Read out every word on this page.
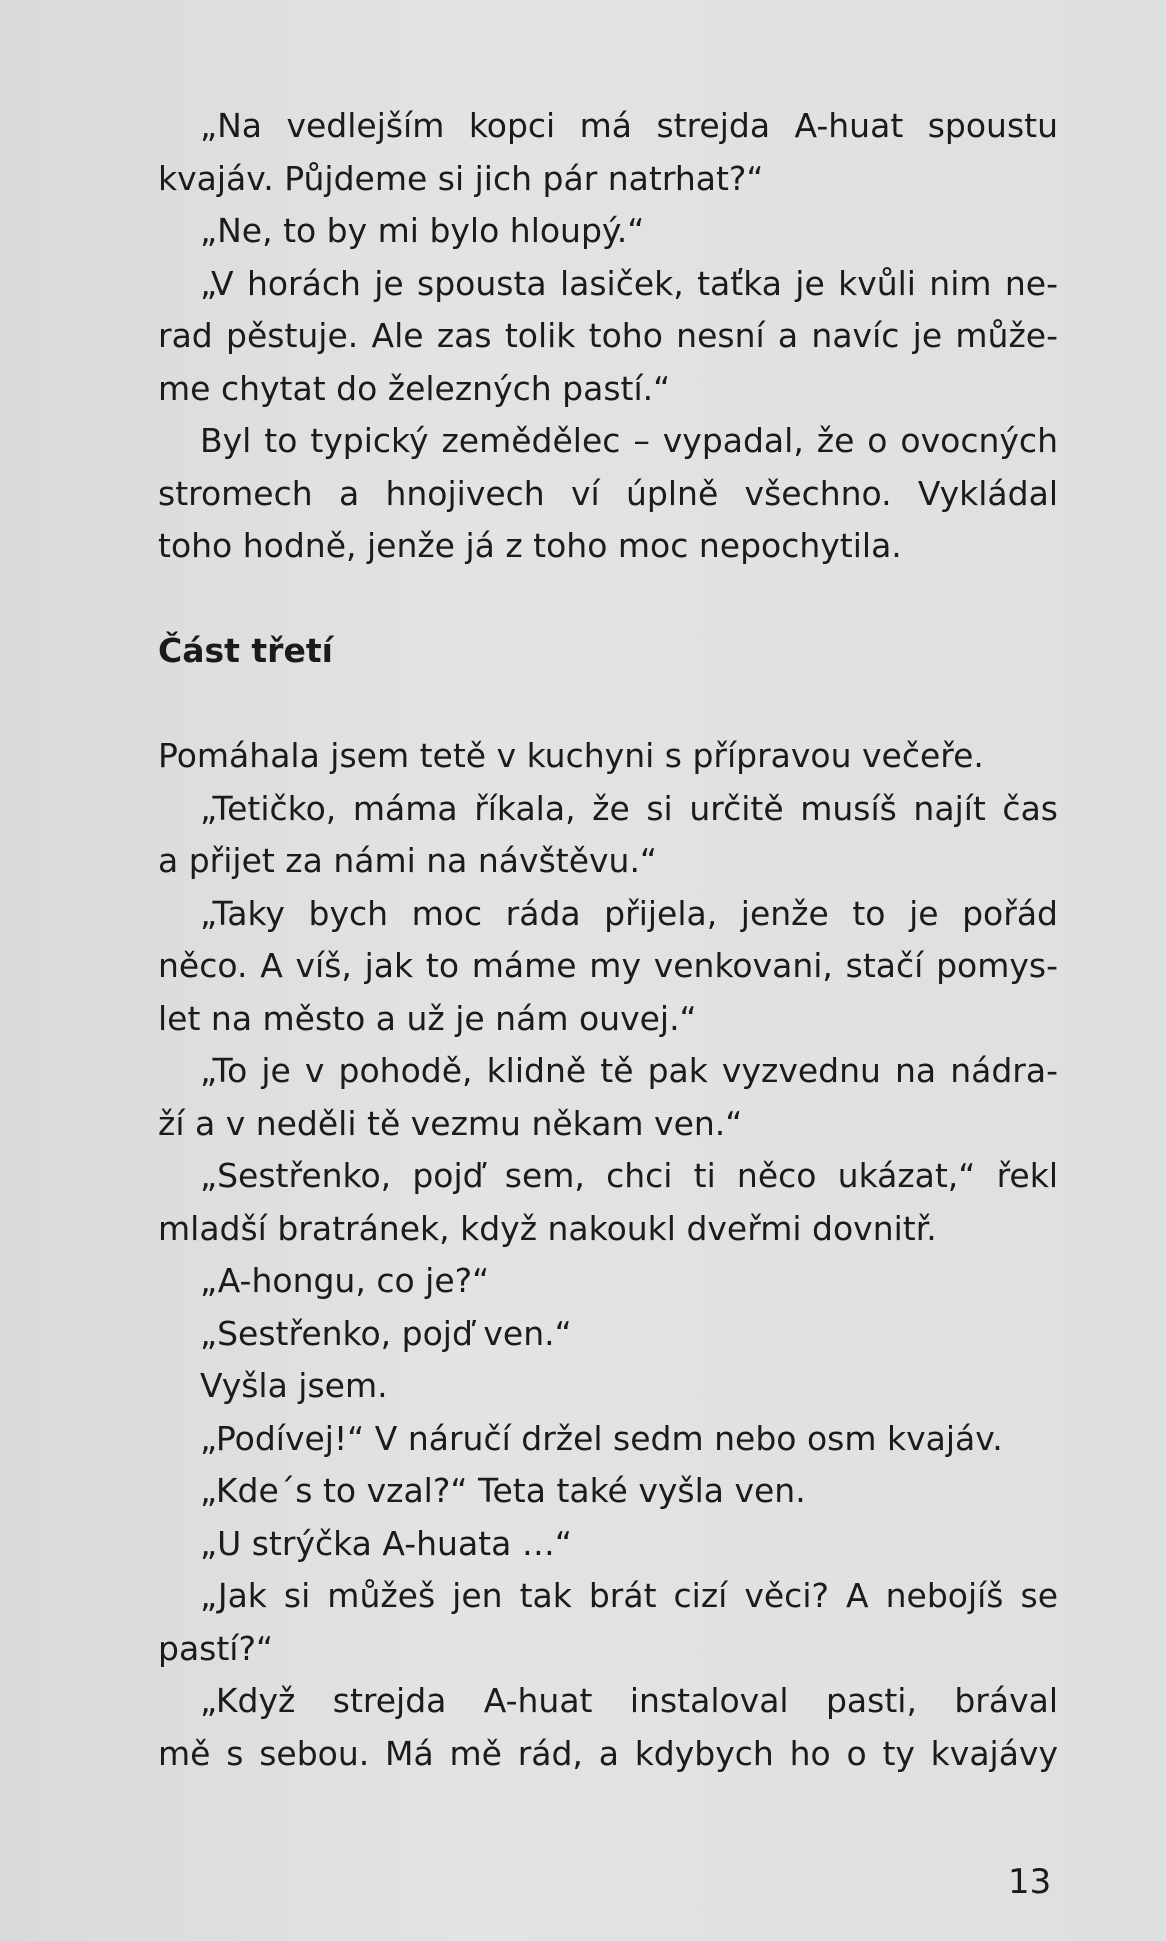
„Na vedlejším kopci má strejda A-huat spoustu
kvajáv. Půjdeme si jich pár natrhat?“
„Ne, to by mi bylo hloupý.“
„V horách je spousta lasiček, taťka je kvůli nim ne-
rad pěstuje. Ale zas tolik toho nesní a navíc je může-
me chytat do železných pastí.“
Byl to typický zemědělec – vypadal, že o ovocných
stromech a hnojivech ví úplně všechno. Vykládal
toho hodně, jenže já z toho moc nepochytila.
Část třetí
Pomáhala jsem tetě v kuchyni s přípravou večeře.
„Tetičko, máma říkala, že si určitě musíš najít čas
a přijet za námi na návštěvu.“
„Taky bych moc ráda přijela, jenže to je pořád
něco. A víš, jak to máme my venkovani, stačí pomys-
let na město a už je nám ouvej.“
„To je v pohodě, klidně tě pak vyzvednu na nádra-
ží a v neděli tě vezmu někam ven.“
„Sestřenko, pojď sem, chci ti něco ukázat,“ řekl
mladší bratránek, když nakoukl dveřmi dovnitř.
„A-hongu, co je?“
„Sestřenko, pojď ven.“
Vyšla jsem.
„Podívej!“ V náručí držel sedm nebo osm kvajáv.
„Kde´s to vzal?“ Teta také vyšla ven.
„U strýčka A-huata …“
„Jak si můžeš jen tak brát cizí věci? A nebojíš se
pastí?“
„Když strejda A-huat instaloval pasti, brával
mě s sebou. Má mě rád, a kdybych ho o ty kvajávy
13
